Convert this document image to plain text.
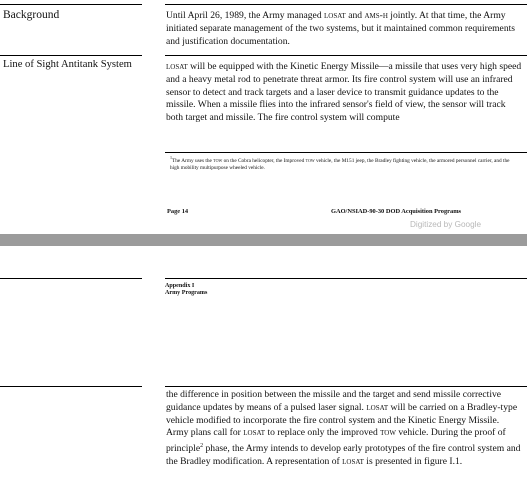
Background	Until April 26, 1989, the Army managed losat and ams-h jointly. At that time, the Army initiated separate management of the two systems, but it maintained common requirements and justification documentation.

Line of Sight Antitank System	losat will be equipped with the Kinetic Energy Missile—a missile that uses very high speed and a heavy metal rod to penetrate threat armor. Its fire control system will use an infrared sensor to detect and track targets and a laser device to transmit guidance updates to the missile. When a missile flies into the infrared sensor's field of view, the sensor will track both target and missile. The fire control system will compute

$^1$The Army uses the tow on the Cobra helicopter, the Improved tow vehicle, the M151 jeep, the Bradley fighting vehicle, the armored personnel carrier, and the high mobility multipurpose wheeled vehicle.

Page 14	GAO/NSIAD-90-30 DOD Acquisition Programs
Digitized by Google
Appendix I
Army Programs

the difference in position between the missile and the target and send missile corrective guidance updates by means of a pulsed laser signal. losat will be carried on a Bradley-type vehicle modified to incorporate the fire control system and the Kinetic Energy Missile. Army plans call for losat to replace only the improved tow vehicle. During the proof of principle$^2$ phase, the Army intends to develop early prototypes of the fire control system and the Bradley modification. A representation of losat is presented in figure I.1.
